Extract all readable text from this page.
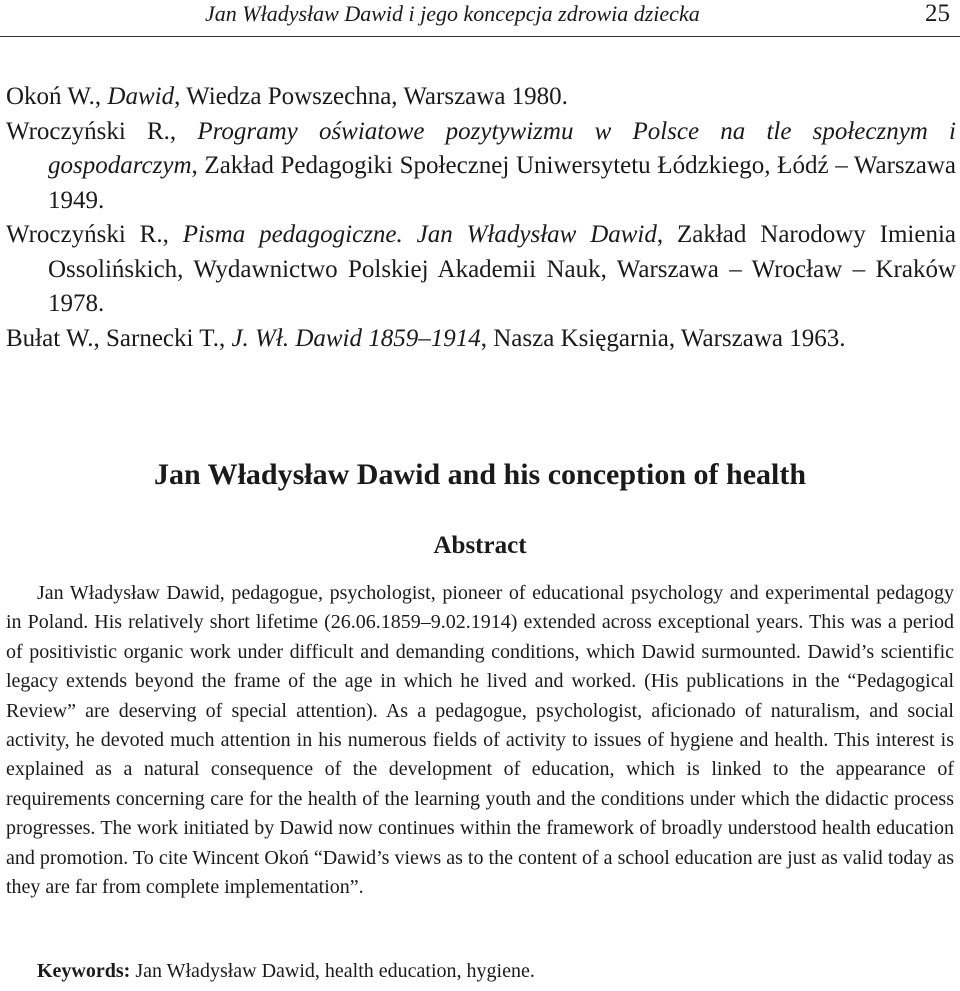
Jan Władysław Dawid i jego koncepcja zdrowia dziecka	25

Okoń W., Dawid, Wiedza Powszechna, Warszawa 1980.

Wroczyński R., Programy oświatowe pozytywizmu w Polsce na tle społecznym i gospodarczym, Zakład Pedagogiki Społecznej Uniwersytetu Łódzkiego, Łódź – Warszawa 1949.

Wroczyński R., Pisma pedagogiczne. Jan Władysław Dawid, Zakład Narodowy Imienia Ossolińskich, Wydawnictwo Polskiej Akademii Nauk, Warszawa – Wrocław – Kraków 1978.

Bułat W., Sarnecki T., J. Wł. Dawid 1859–1914, Nasza Księgarnia, Warszawa 1963.

Jan Władysław Dawid and his conception of health
Abstract

Jan Władysław Dawid, pedagogue, psychologist, pioneer of educational psychology and experimental pedagogy in Poland. His relatively short lifetime (26.06.1859–9.02.1914) extended across exceptional years. This was a period of positivistic organic work under difficult and demanding conditions, which Dawid surmounted. Dawid’s scientific legacy extends beyond the frame of the age in which he lived and worked. (His publications in the “Pedagogical Review” are deserving of special attention). As a pedagogue, psychologist, aficionado of naturalism, and social activity, he devoted much attention in his numerous fields of activity to issues of hygiene and health. This interest is explained as a natural consequence of the development of education, which is linked to the appearance of requirements concerning care for the health of the learning youth and the conditions under which the didactic process progresses. The work initiated by Dawid now continues within the framework of broadly understood health education and promotion. To cite Wincent Okoń “Dawid’s views as to the content of a school education are just as valid today as they are far from complete implementation”.

Keywords: Jan Władysław Dawid, health education, hygiene.
